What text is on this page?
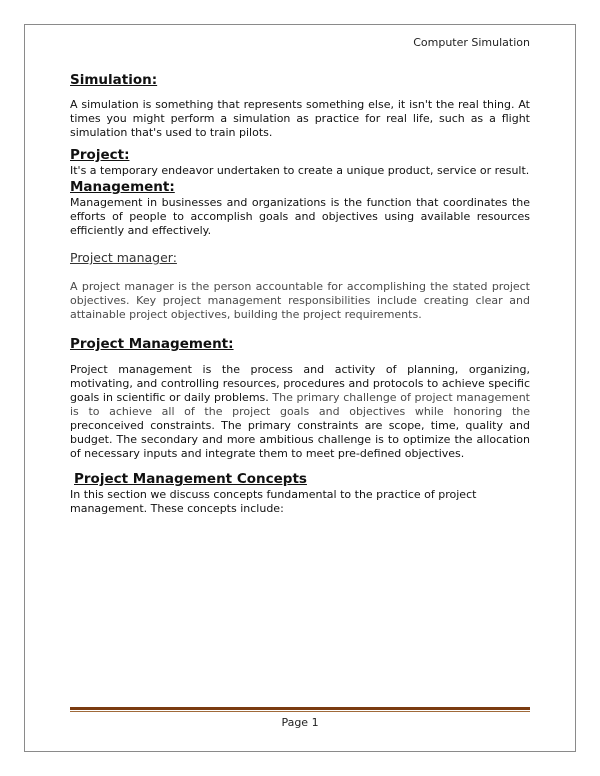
Computer Simulation
Simulation:

A simulation is something that represents something else, it isn't the real thing. At times you might perform a simulation as practice for real life, such as a flight simulation that's used to train pilots.

Project:

It's a temporary endeavor undertaken to create a unique product, service or result.

Management:

Management in businesses and organizations is the function that coordinates the efforts of people to accomplish goals and objectives using available resources efficiently and effectively.

Project manager:

A project manager is the person accountable for accomplishing the stated project objectives. Key project management responsibilities include creating clear and attainable project objectives, building the project requirements.

Project Management:

Project management is the process and activity of planning, organizing, motivating, and controlling resources, procedures and protocols to achieve specific goals in scientific or daily problems. The primary challenge of project management is to achieve all of the project goals and objectives while honoring the preconceived constraints. The primary constraints are scope, time, quality and budget. The secondary and more ambitious challenge is to optimize the allocation of necessary inputs and integrate them to meet pre-defined objectives.

Project Management Concepts

In this section we discuss concepts fundamental to the practice of project management. These concepts include:

Page 1
